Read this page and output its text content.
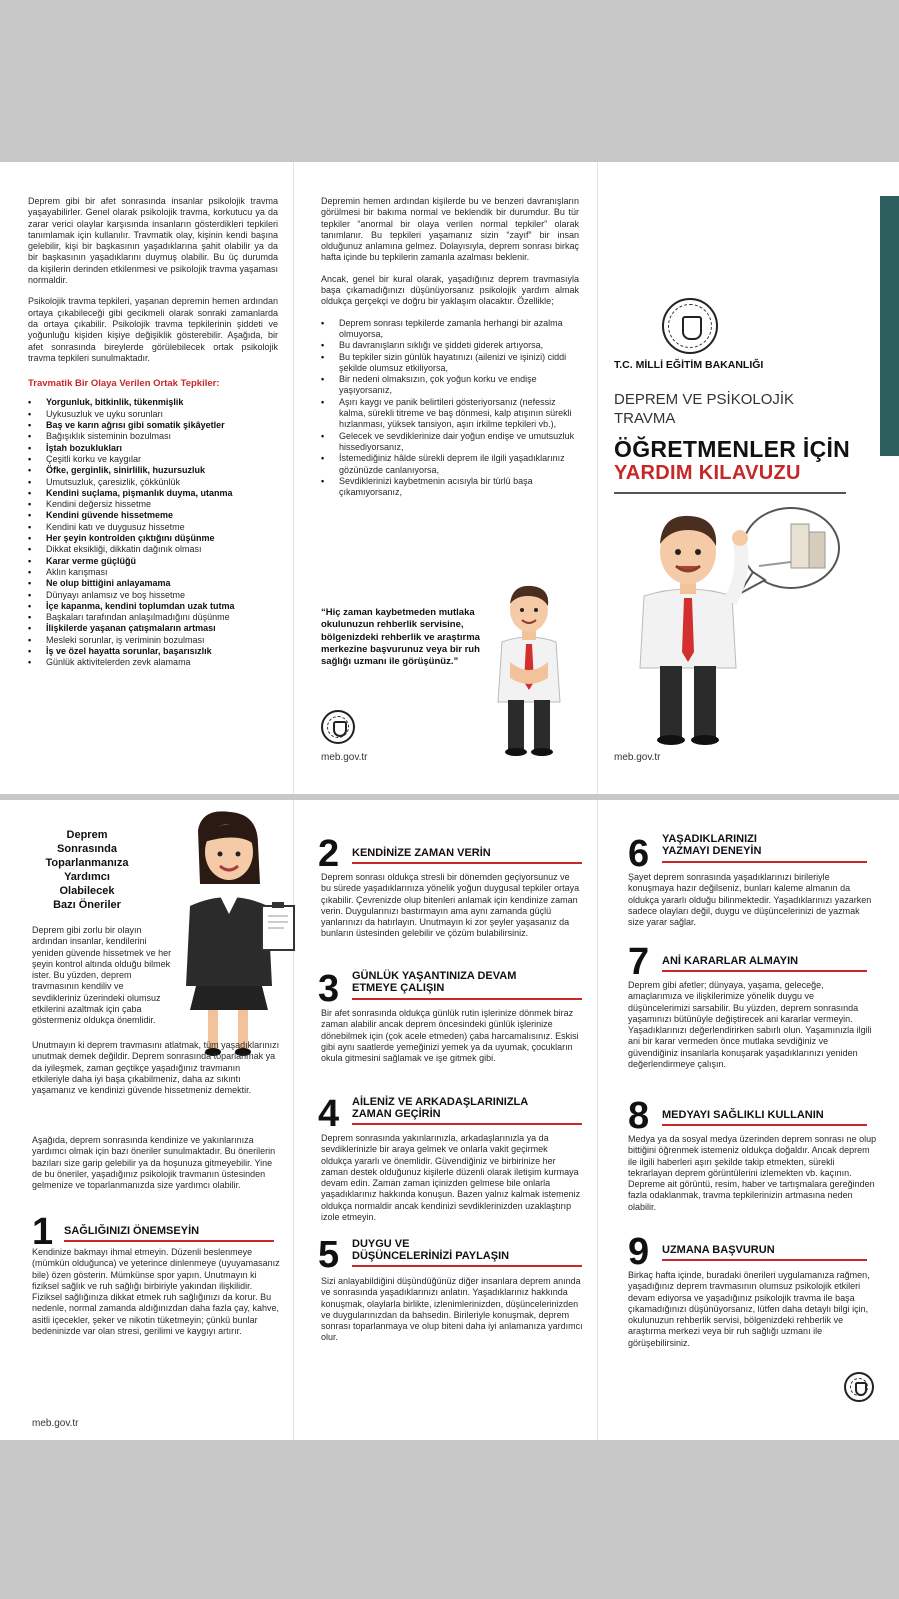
Deprem gibi bir afet sonrasında insanlar psikolojik travma yaşayabilirler. Genel olarak psikolojik travma, korkutucu ya da zarar verici olaylar karşısında insanların gösterdikleri tepkileri tanımlamak için kullanılır. Travmatik olay, kişinin kendi başına gelebilir, kişi bir başkasının yaşadıklarına şahit olabilir ya da bir başkasının yaşadıklarını duymuş olabilir. Bu üç durumda da kişilerin derinden etkilenmesi ve psikolojik travma yaşaması normaldir.

Psikolojik travma tepkileri, yaşanan depremin hemen ardından ortaya çıkabileceği gibi gecikmeli olarak sonraki zamanlarda da ortaya çıkabilir. Psikolojik travma tepkilerinin şiddeti ve yoğunluğu kişiden kişiye değişiklik gösterebilir. Aşağıda, bir afet sonrasında bireylerde görülebilecek ortak psikolojik travma tepkileri sunulmaktadır.

Travmatik Bir Olaya Verilen Ortak Tepkiler:
• Yorgunluk, bitkinlik, tükenmişlik
• Uykusuzluk ve uyku sorunları
• Baş ve karın ağrısı gibi somatik şikâyetler
• Bağışıklık sisteminin bozulması
• İştah bozuklukları
• Çeşitli korku ve kaygılar
• Öfke, gerginlik, sinirlilik, huzursuzluk
• Umutsuzluk, çaresizlik, çökkünlük
• Kendini suçlama, pişmanlık duyma, utanma
• Kendini değersiz hissetme
• Kendini güvende hissetmeme
• Kendini katı ve duygusuz hissetme
• Her şeyin kontrolden çıktığını düşünme
• Dikkat eksikliği, dikkatin dağınık olması
• Karar verme güçlüğü
• Aklın karışması
• Ne olup bittiğini anlayamama
• Dünyayı anlamsız ve boş hissetme
• İçe kapanma, kendini toplumdan uzak tutma
• Başkaları tarafından anlaşılmadığını düşünme
• İlişkilerde yaşanan çatışmaların artması
• Mesleki sorunlar, iş veriminin bozulması
• İş ve özel hayatta sorunlar, başarısızlık
• Günlük aktivitelerden zevk alamama

Depremin hemen ardından kişilerde bu ve benzeri davranışların görülmesi bir bakıma normal ve beklendik bir durumdur. Bu tür tepkiler “anormal bir olaya verilen normal tepkiler” olarak tanımlanır. Bu tepkileri yaşamanız sizin “zayıf” bir insan olduğunuz anlamına gelmez. Dolayısıyla, deprem sonrası birkaç hafta içinde bu tepkilerin zamanla azalması beklenir.

Ancak, genel bir kural olarak, yaşadığınız deprem travmasıyla başa çıkamadığınızı düşünüyorsanız psikolojik yardım almak oldukça gerçekçi ve doğru bir yaklaşım olacaktır. Özellikle;

• Deprem sonrası tepkilerde zamanla herhangi bir azalma olmuyorsa,
• Bu davranışların sıklığı ve şiddeti giderek artıyorsa,
• Bu tepkiler sizin günlük hayatınızı (ailenizi ve işinizi) ciddi şekilde olumsuz etkiliyorsa,
• Bir nedeni olmaksızın, çok yoğun korku ve endişe yaşıyorsanız,
• Aşırı kaygı ve panik belirtileri gösteriyorsanız (nefessiz kalma, sürekli titreme ve baş dönmesi, kalp atışının sürekli hızlanması, yüksek tansiyon, aşırı irkilme tepkileri vb.),
• Gelecek ve sevdiklerinize dair yoğun endişe ve umutsuzluk hissediyorsanız,
• İstemediğiniz hâlde sürekli deprem ile ilgili yaşadıklarınız gözünüzde canlanıyorsa,
• Sevdiklerinizi kaybetmenin acısıyla bir türlü başa çıkamıyorsanız,
“Hiç zaman kaybetmeden mutlaka okulunuzun rehberlik servisine, bölgenizdeki rehberlik ve araştırma merkezine başvurunuz veya bir ruh sağlığı uzmanı ile görüşünüz.”
meb.gov.tr
T.C. MİLLİ EĞİTİM BAKANLIĞI
DEPREM VE PSİKOLOJİK
TRAVMA
ÖĞRETMENLER İÇİN
YARDIM KILAVUZU
meb.gov.tr
Deprem
Sonrasında
Toparlanmanıza
Yardımcı
Olabilecek
Bazı Öneriler
Deprem gibi zorlu bir olayın ardından insanlar, kendilerini yeniden güvende hissetmek ve her şeyin kontrol altında olduğu bilmek ister. Bu yüzden, deprem travmasının kendiliv ve sevdikleriniz üzerindeki olumsuz etkilerini azaltmak için çaba göstermeniz oldukça önemlidir.
Unutmayın ki deprem travmasını atlatmak, tüm yaşadıklarınızı unutmak demek değildir. Deprem sonrasında toparlanmak ya da iyileşmek, zaman geçtikçe yaşadığınız travmanın etkileriyle daha iyi başa çıkabilmeniz, daha az sıkıntı yaşamanız ve kendinizi güvende hissetmeniz demektir.
Aşağıda, deprem sonrasında kendinize ve yakınlarınıza yardımcı olmak için bazı öneriler sunulmaktadır. Bu önerilerin bazıları size garip gelebilir ya da hoşunuza gitmeyebilir. Yine de bu öneriler, yaşadığınız psikolojik travmanın üstesinden gelmenize ve toparlanmanızda size yardımcı olabilir.
1 SAĞLIĞINIZI ÖNEMSEYİN
Kendinize bakmayı ihmal etmeyin. Düzenli beslenmeye (mümkün olduğunca) ve yeterince dinlenmeye (uyuyamasanız bile) özen gösterin. Mümkünse spor yapın. Unutmayın ki fiziksel sağlık ve ruh sağlığı birbiriyle yakından ilişkilidir. Fiziksel sağlığınıza dikkat etmek ruh sağlığınızı da korur. Bu nedenle, normal zamanda aldığınızdan daha fazla çay, kahve, asitli içecekler, şeker ve nikotin tüketmeyin; çünkü bunlar bedeninizde var olan stresi, gerilimi ve kaygıyı artırır.
meb.gov.tr
2 KENDİNİZE ZAMAN VERİN
Deprem sonrası oldukça stresli bir dönemden geçiyorsunuz ve bu sürede yaşadıklarınıza yönelik yoğun duygusal tepkiler ortaya çıkabilir. Çevrenizde olup bitenleri anlamak için kendinize zaman verin. Duygularınızı bastırmayın ama aynı zamanda güçlü yanlarınızı da hatırlayın. Unutmayın ki zor şeyler yaşasanız da bunların üstesinden gelebilir ve çözüm bulabilirsiniz.
3 GÜNLÜK YAŞANTINIZA DEVAM
ETMEYE ÇALIŞIN
Bir afet sonrasında oldukça günlük rutin işlerinize dönmek biraz zaman alabilir ancak deprem öncesindeki günlük işlerinize dönebilmek için (çok acele etmeden) çaba harcamalısınız. Eskisi gibi aynı saatlerde yemeğinizi yemek ya da uyumak, çocukların okula gitmesini sağlamak ve işe gitmek gibi.
4 AİLENİZ VE ARKADAŞLARINIZLA
ZAMAN GEÇİRİN
Deprem sonrasında yakınlarınızla, arkadaşlarınızla ya da sevdiklerinizle bir araya gelmek ve onlarla vakit geçirmek oldukça yararlı ve önemlidir. Güvendiğiniz ve birbirinize her zaman destek olduğunuz kişilerle düzenli olarak iletişim kurmaya devam edin. Zaman zaman içinizden gelmese bile onlarla yaşadıklarınız hakkında konuşun. Bazen yalnız kalmak istemeniz oldukça normaldir ancak kendinizi sevdiklerinizden uzaklaştırıp izole etmeyin.
5 DUYGU VE
DÜŞÜNCELERİNİZİ PAYLAŞIN
Sizi anlayabildiğini düşündüğünüz diğer insanlara deprem anında ve sonrasında yaşadıklarınızı anlatın. Yaşadıklarınız hakkında konuşmak, olaylarla birlikte, izlenimlerinizden, düşüncelerinizden ve duygularınızdan da bahsedin. Birileriyle konuşmak, deprem sonrası toparlanmaya ve olup biteni daha iyi anlamanıza yardımcı olur.
6 YAŞADIKLARINIZI
YAZMAYI DENEYİN
Şayet deprem sonrasında yaşadıklarınızı birileriyle konuşmaya hazır değilseniz, bunları kaleme almanın da oldukça yararlı olduğu bilinmektedir. Yaşadıklarınızı yazarken sadece olayları değil, duygu ve düşüncelerinizi de yazmak size yarar sağlar.
7 ANİ KARARLAR ALMAYIN
Deprem gibi afetler; dünyaya, yaşama, geleceğe, amaçlarımıza ve ilişkilerimize yönelik duygu ve düşüncelerimizi sarsabilir. Bu yüzden, deprem sonrasında yaşamınızı bütünüyle değiştirecek ani kararlar vermeyin. Yaşadıklarınızı değerlendirirken sabırlı olun. Yaşamınızla ilgili ani bir karar vermeden önce mutlaka sevdiğiniz ve güvendiğiniz insanlarla konuşarak yaşadıklarınızı yeniden değerlendirmeye çalışın.
8 MEDYAYI SAĞLIKLI KULLANIN
Medya ya da sosyal medya üzerinden deprem sonrası ne olup bittiğini öğrenmek istemeniz oldukça doğaldır. Ancak deprem ile ilgili haberleri aşırı şekilde takip etmekten, sürekli tekrarlayan deprem görüntülerini izlemekten vb. kaçının. Depreme ait görüntü, resim, haber ve tartışmalara gereğinden fazla odaklanmak, travma tepkilerinizin artmasına neden olabilir.
9 UZMANA BAŞVURUN
Birkaç hafta içinde, buradaki önerileri uygulamanıza rağmen, yaşadığınız deprem travmasının olumsuz psikolojik etkileri devam ediyorsa ve yaşadığınız psikolojik travma ile başa çıkamadığınızı düşünüyorsanız, lütfen daha detaylı bilgi için, okulunuzun rehberlik servisi, bölgenizdeki rehberlik ve araştırma merkezi veya bir ruh sağlığı uzmanı ile görüşebilirsiniz.
